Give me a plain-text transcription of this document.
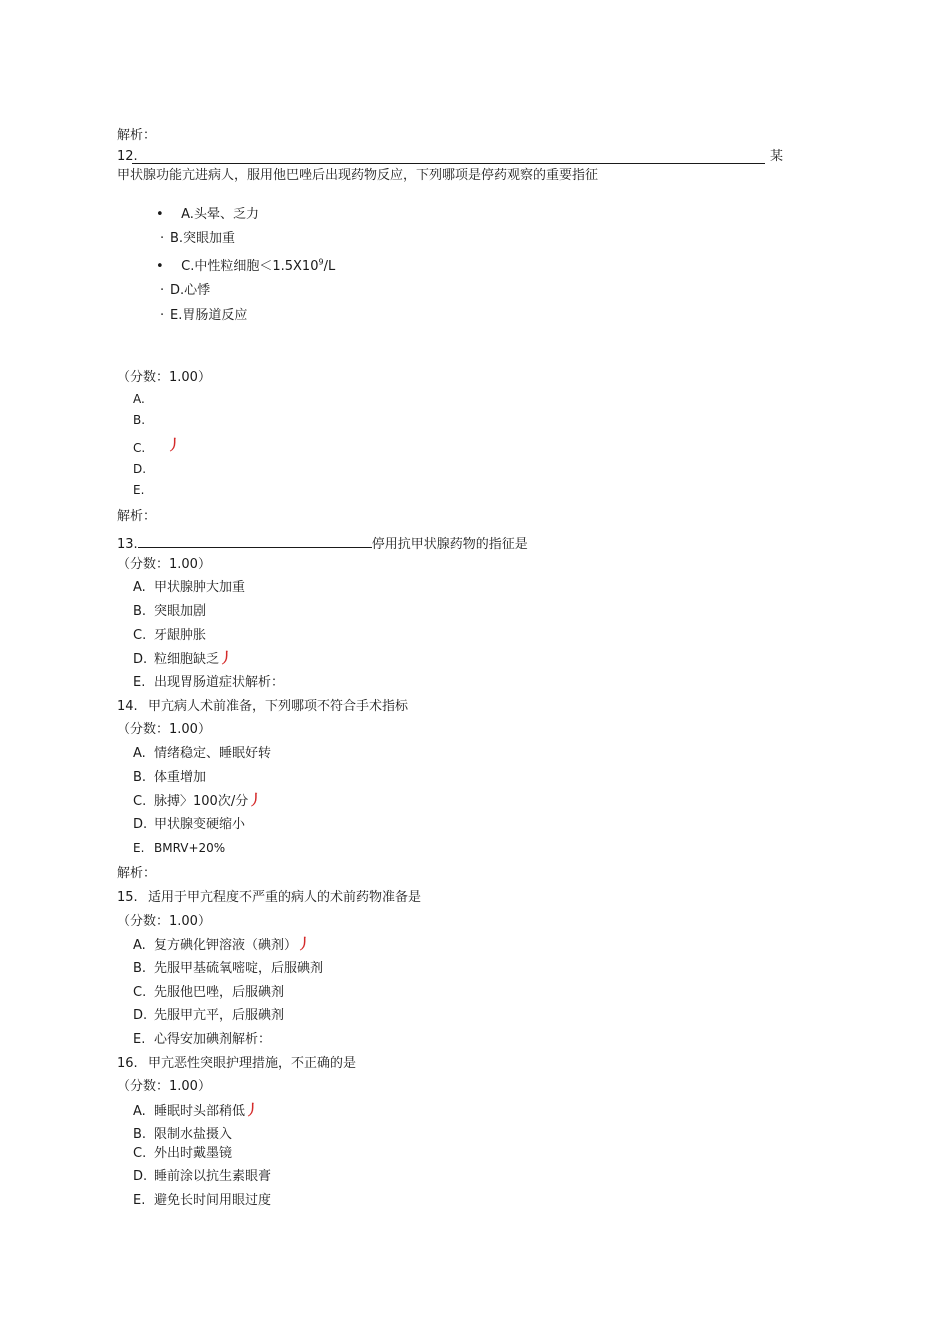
解析：
12.	某
甲状腺功能亢进病人，服用他巴唑后出现药物反应，下列哪项是停药观察的重要指征
• A.头晕、乏力
· B.突眼加重
• C.中性粒细胞$<1.5X10^9/L$
· D.心悸
· E.胃肠道反应
（分数：1.00）
A.
B.
C. 丿
D.
E.
解析：
13.	停用抗甲状腺药物的指征是
（分数：1.00）
A. 甲状腺肿大加重
B. 突眼加剧
C. 牙龈肿胀
D. 粒细胞缺乏丿
E. 出现胃肠道症状解析：
14. 甲亢病人术前准备，下列哪项不符合手术指标
（分数：1.00）
A. 情绪稳定、睡眠好转
B. 体重增加
C. 脉搏〉100次/分丿
D. 甲状腺变硬缩小
E. BMRV+20%
解析：
15. 适用于甲亢程度不严重的病人的术前药物准备是
（分数：1.00）
A. 复方碘化钾溶液（碘剂）丿
B. 先服甲基硫氧嘧啶，后服碘剂
C. 先服他巴唑，后服碘剂
D. 先服甲亢平，后服碘剂
E. 心得安加碘剂解析：
16. 甲亢恶性突眼护理措施，不正确的是
（分数：1.00）
A. 睡眠时头部稍低丿
B. 限制水盐摄入
C. 外出时戴墨镜
D. 睡前涂以抗生素眼膏
E. 避免长时间用眼过度
